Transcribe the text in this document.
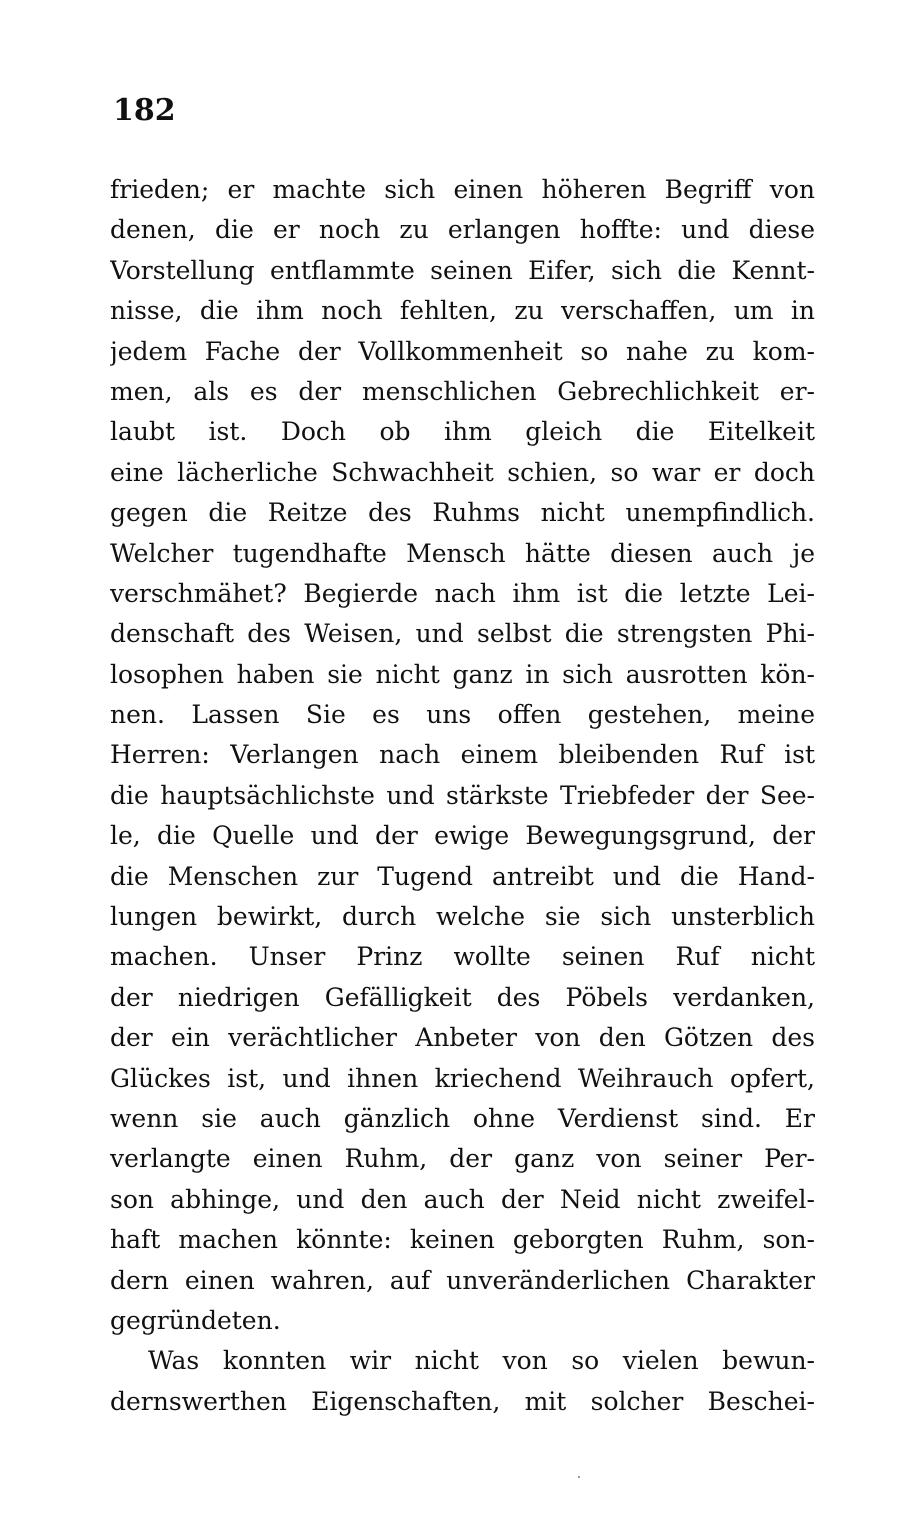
182
frieden; er machte sich einen höheren Begriff von
denen, die er noch zu erlangen hoffte: und diese
Vorstellung entflammte seinen Eifer, sich die Kennt-
nisse, die ihm noch fehlten, zu verschaffen, um in
jedem Fache der Vollkommenheit so nahe zu kom-
men, als es der menschlichen Gebrechlichkeit er-
laubt ist. Doch ob ihm gleich die Eitelkeit
eine lächerliche Schwachheit schien, so war er doch
gegen die Reitze des Ruhms nicht unempfindlich.
Welcher tugendhafte Mensch hätte diesen auch je
verschmähet? Begierde nach ihm ist die letzte Lei-
denschaft des Weisen, und selbst die strengsten Phi-
losophen haben sie nicht ganz in sich ausrotten kön-
nen. Lassen Sie es uns offen gestehen, meine
Herren: Verlangen nach einem bleibenden Ruf ist
die hauptsächlichste und stärkste Triebfeder der See-
le, die Quelle und der ewige Bewegungsgrund, der
die Menschen zur Tugend antreibt und die Hand-
lungen bewirkt, durch welche sie sich unsterblich
machen. Unser Prinz wollte seinen Ruf nicht
der niedrigen Gefälligkeit des Pöbels verdanken,
der ein verächtlicher Anbeter von den Götzen des
Glückes ist, und ihnen kriechend Weihrauch opfert,
wenn sie auch gänzlich ohne Verdienst sind. Er
verlangte einen Ruhm, der ganz von seiner Per-
son abhinge, und den auch der Neid nicht zweifel-
haft machen könnte: keinen geborgten Ruhm, son-
dern einen wahren, auf unveränderlichen Charakter
gegründeten.
Was konnten wir nicht von so vielen bewun-
dernswerthen Eigenschaften, mit solcher Beschei-
